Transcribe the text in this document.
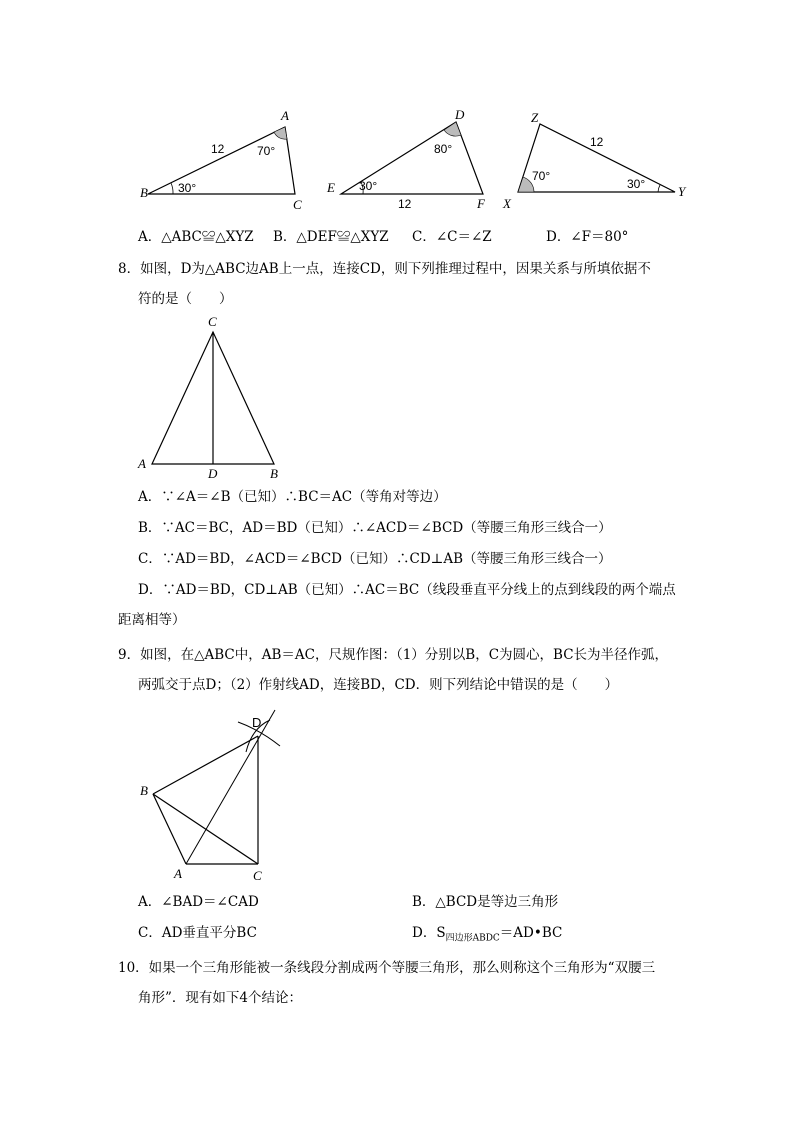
A
B
C
12	70°
30°
D
E
F
12
80°
30°
Z
X
Y
12
70°
30°
A．△ABC≌△XYZ B．△DEF≌△XYZ C．∠C＝∠Z	D．∠F＝80°
8．如图，D为△ABC边AB上一点，连接CD，则下列推理过程中，因果关系与所填依据不
符的是（　　）
C
A
D	B
A．∵∠A＝∠B（已知）∴BC＝AC（等角对等边）
B．∵AC＝BC，AD＝BD（已知）∴∠ACD＝∠BCD（等腰三角形三线合一）
C．∵AD＝BD，∠ACD＝∠BCD（已知）∴CD⊥AB（等腰三角形三线合一）
D．∵AD＝BD，CD⊥AB（已知）∴AC＝BC（线段垂直平分线上的点到线段的两个端点
距离相等）
9．如图，在△ABC中，AB＝AC，尺规作图：（1）分别以B，C为圆心，BC长为半径作弧，
两弧交于点D；（2）作射线AD，连接BD，CD．则下列结论中错误的是（　　）
D
B
A	C
A．∠BAD＝∠CAD	B．△BCD是等边三角形
C．AD垂直平分BC	D．$S_{四边形ABDC}=AD•BC$
10．如果一个三角形能被一条线段分割成两个等腰三角形，那么则称这个三角形为“双腰三
角形”．现有如下4个结论：
